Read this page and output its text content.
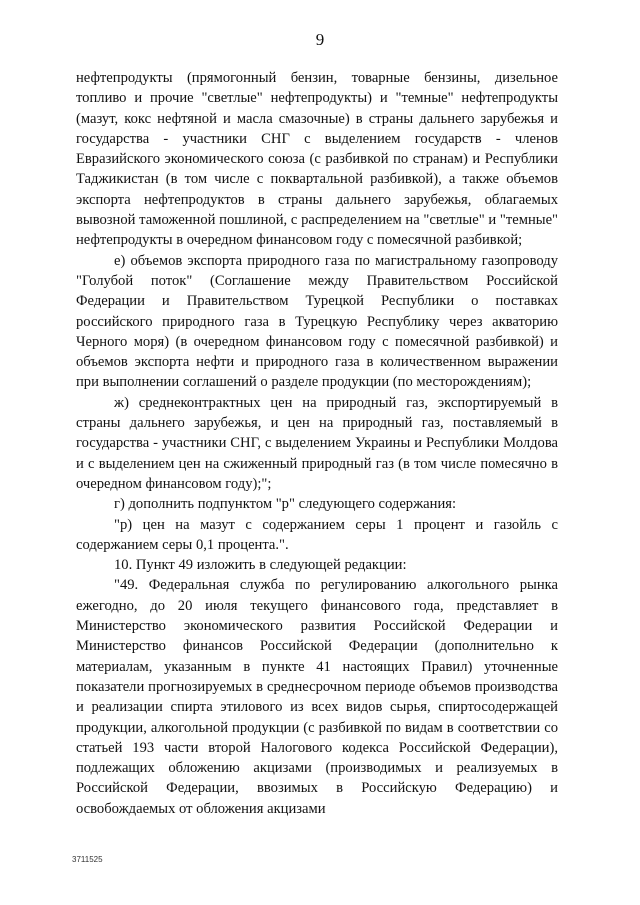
9

нефтепродукты (прямогонный бензин, товарные бензины, дизельное топливо и прочие "светлые" нефтепродукты) и "темные" нефтепродукты (мазут, кокс нефтяной и масла смазочные) в страны дальнего зарубежья и государства - участники СНГ с выделением государств - членов Евразийского экономического союза (с разбивкой по странам) и Республики Таджикистан (в том числе с поквартальной разбивкой), а также объемов экспорта нефтепродуктов в страны дальнего зарубежья, облагаемых вывозной таможенной пошлиной, с распределением на "светлые" и "темные" нефтепродукты в очередном финансовом году с помесячной разбивкой;

е) объемов экспорта природного газа по магистральному газопроводу "Голубой поток" (Соглашение между Правительством Российской Федерации и Правительством Турецкой Республики о поставках российского природного газа в Турецкую Республику через акваторию Черного моря) (в очередном финансовом году с помесячной разбивкой) и объемов экспорта нефти и природного газа в количественном выражении при выполнении соглашений о разделе продукции (по месторождениям);

ж) среднеконтрактных цен на природный газ, экспортируемый в страны дальнего зарубежья, и цен на природный газ, поставляемый в государства - участники СНГ, с выделением Украины и Республики Молдова и с выделением цен на сжиженный природный газ (в том числе помесячно в очередном финансовом году);";

г) дополнить подпунктом "р" следующего содержания:

"р) цен на мазут с содержанием серы 1 процент и газойль с содержанием серы 0,1 процента.".

10. Пункт 49 изложить в следующей редакции:

"49. Федеральная служба по регулированию алкогольного рынка ежегодно, до 20 июля текущего финансового года, представляет в Министерство экономического развития Российской Федерации и Министерство финансов Российской Федерации (дополнительно к материалам, указанным в пункте 41 настоящих Правил) уточненные показатели прогнозируемых в среднесрочном периоде объемов производства и реализации спирта этилового из всех видов сырья, спиртосодержащей продукции, алкогольной продукции (с разбивкой по видам в соответствии со статьей 193 части второй Налогового кодекса Российской Федерации), подлежащих обложению акцизами (производимых и реализуемых в Российской Федерации, ввозимых в Российскую Федерацию) и освобождаемых от обложения акцизами

3711525
